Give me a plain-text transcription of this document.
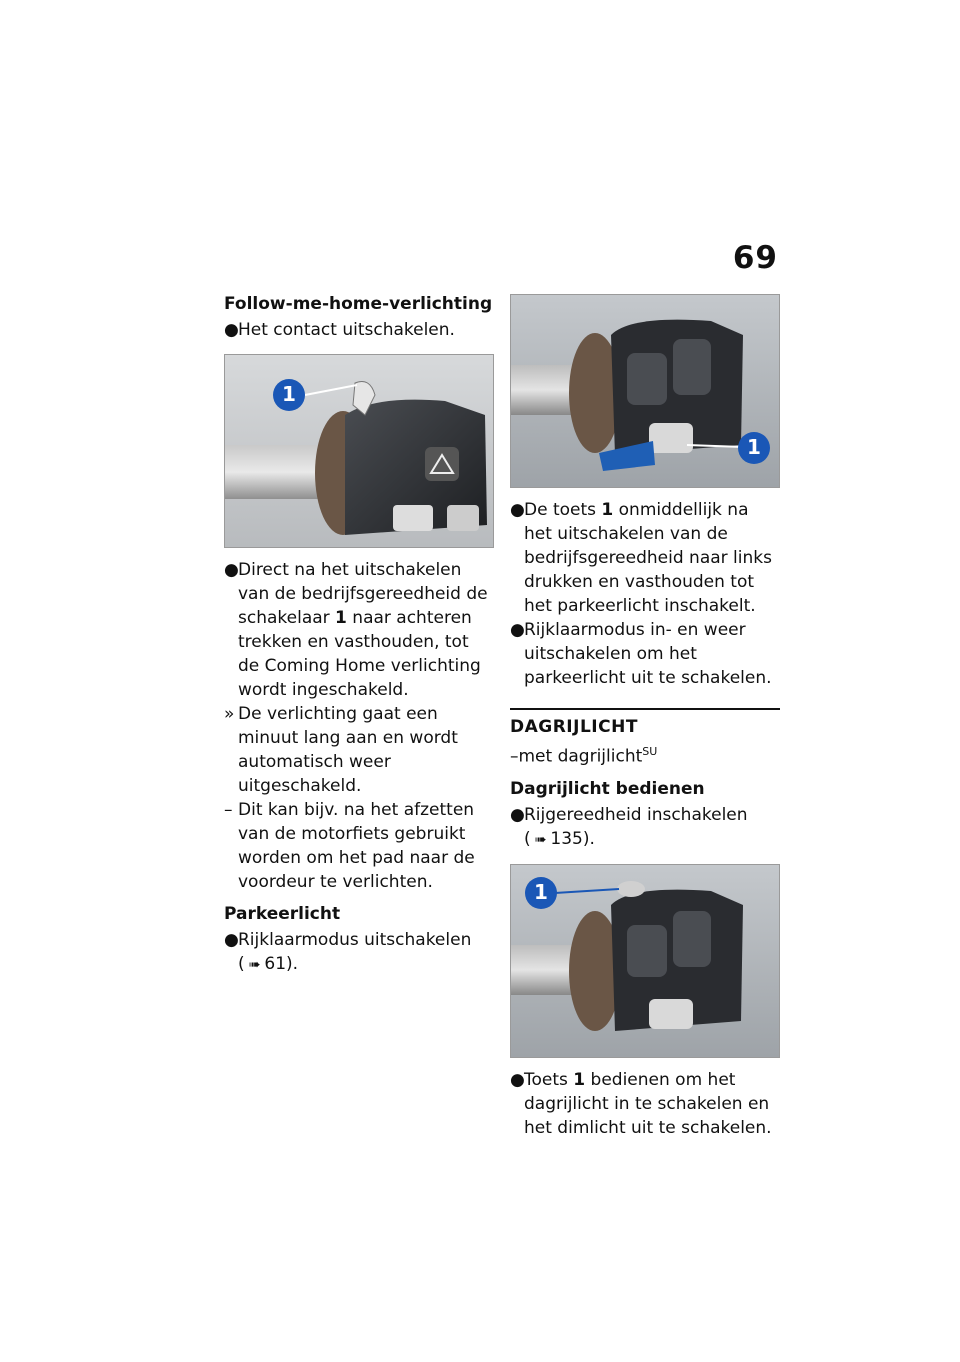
69
Follow-me-home-verlichting
● Het contact uitschakelen.
1
● Direct na het uitschakelen van de bedrijfsgereedheid de schakelaar 1 naar achteren trekken en vasthouden, tot de Coming Home verlichting wordt ingeschakeld.
» De verlichting gaat een minuut lang aan en wordt automatisch weer uitgeschakeld.
– Dit kan bijv. na het afzetten van de motorfiets gebruikt worden om het pad naar de voordeur te verlichten.
Parkeerlicht
● Rijklaarmodus uitschakelen
( ➠ 61).
1
● De toets 1 onmiddellijk na het uitschakelen van de bedrijfsgereedheid naar links drukken en vasthouden tot het parkeerlicht inschakelt.
● Rijklaarmodus in- en weer uitschakelen om het parkeerlicht uit te schakelen.
DAGRIJLICHT
–met dagrijlicht$^{SU}$
Dagrijlicht bedienen
● Rijgereedheid inschakelen
( ➠ 135).
1
● Toets 1 bedienen om het dagrijlicht in te schakelen en het dimlicht uit te schakelen.
